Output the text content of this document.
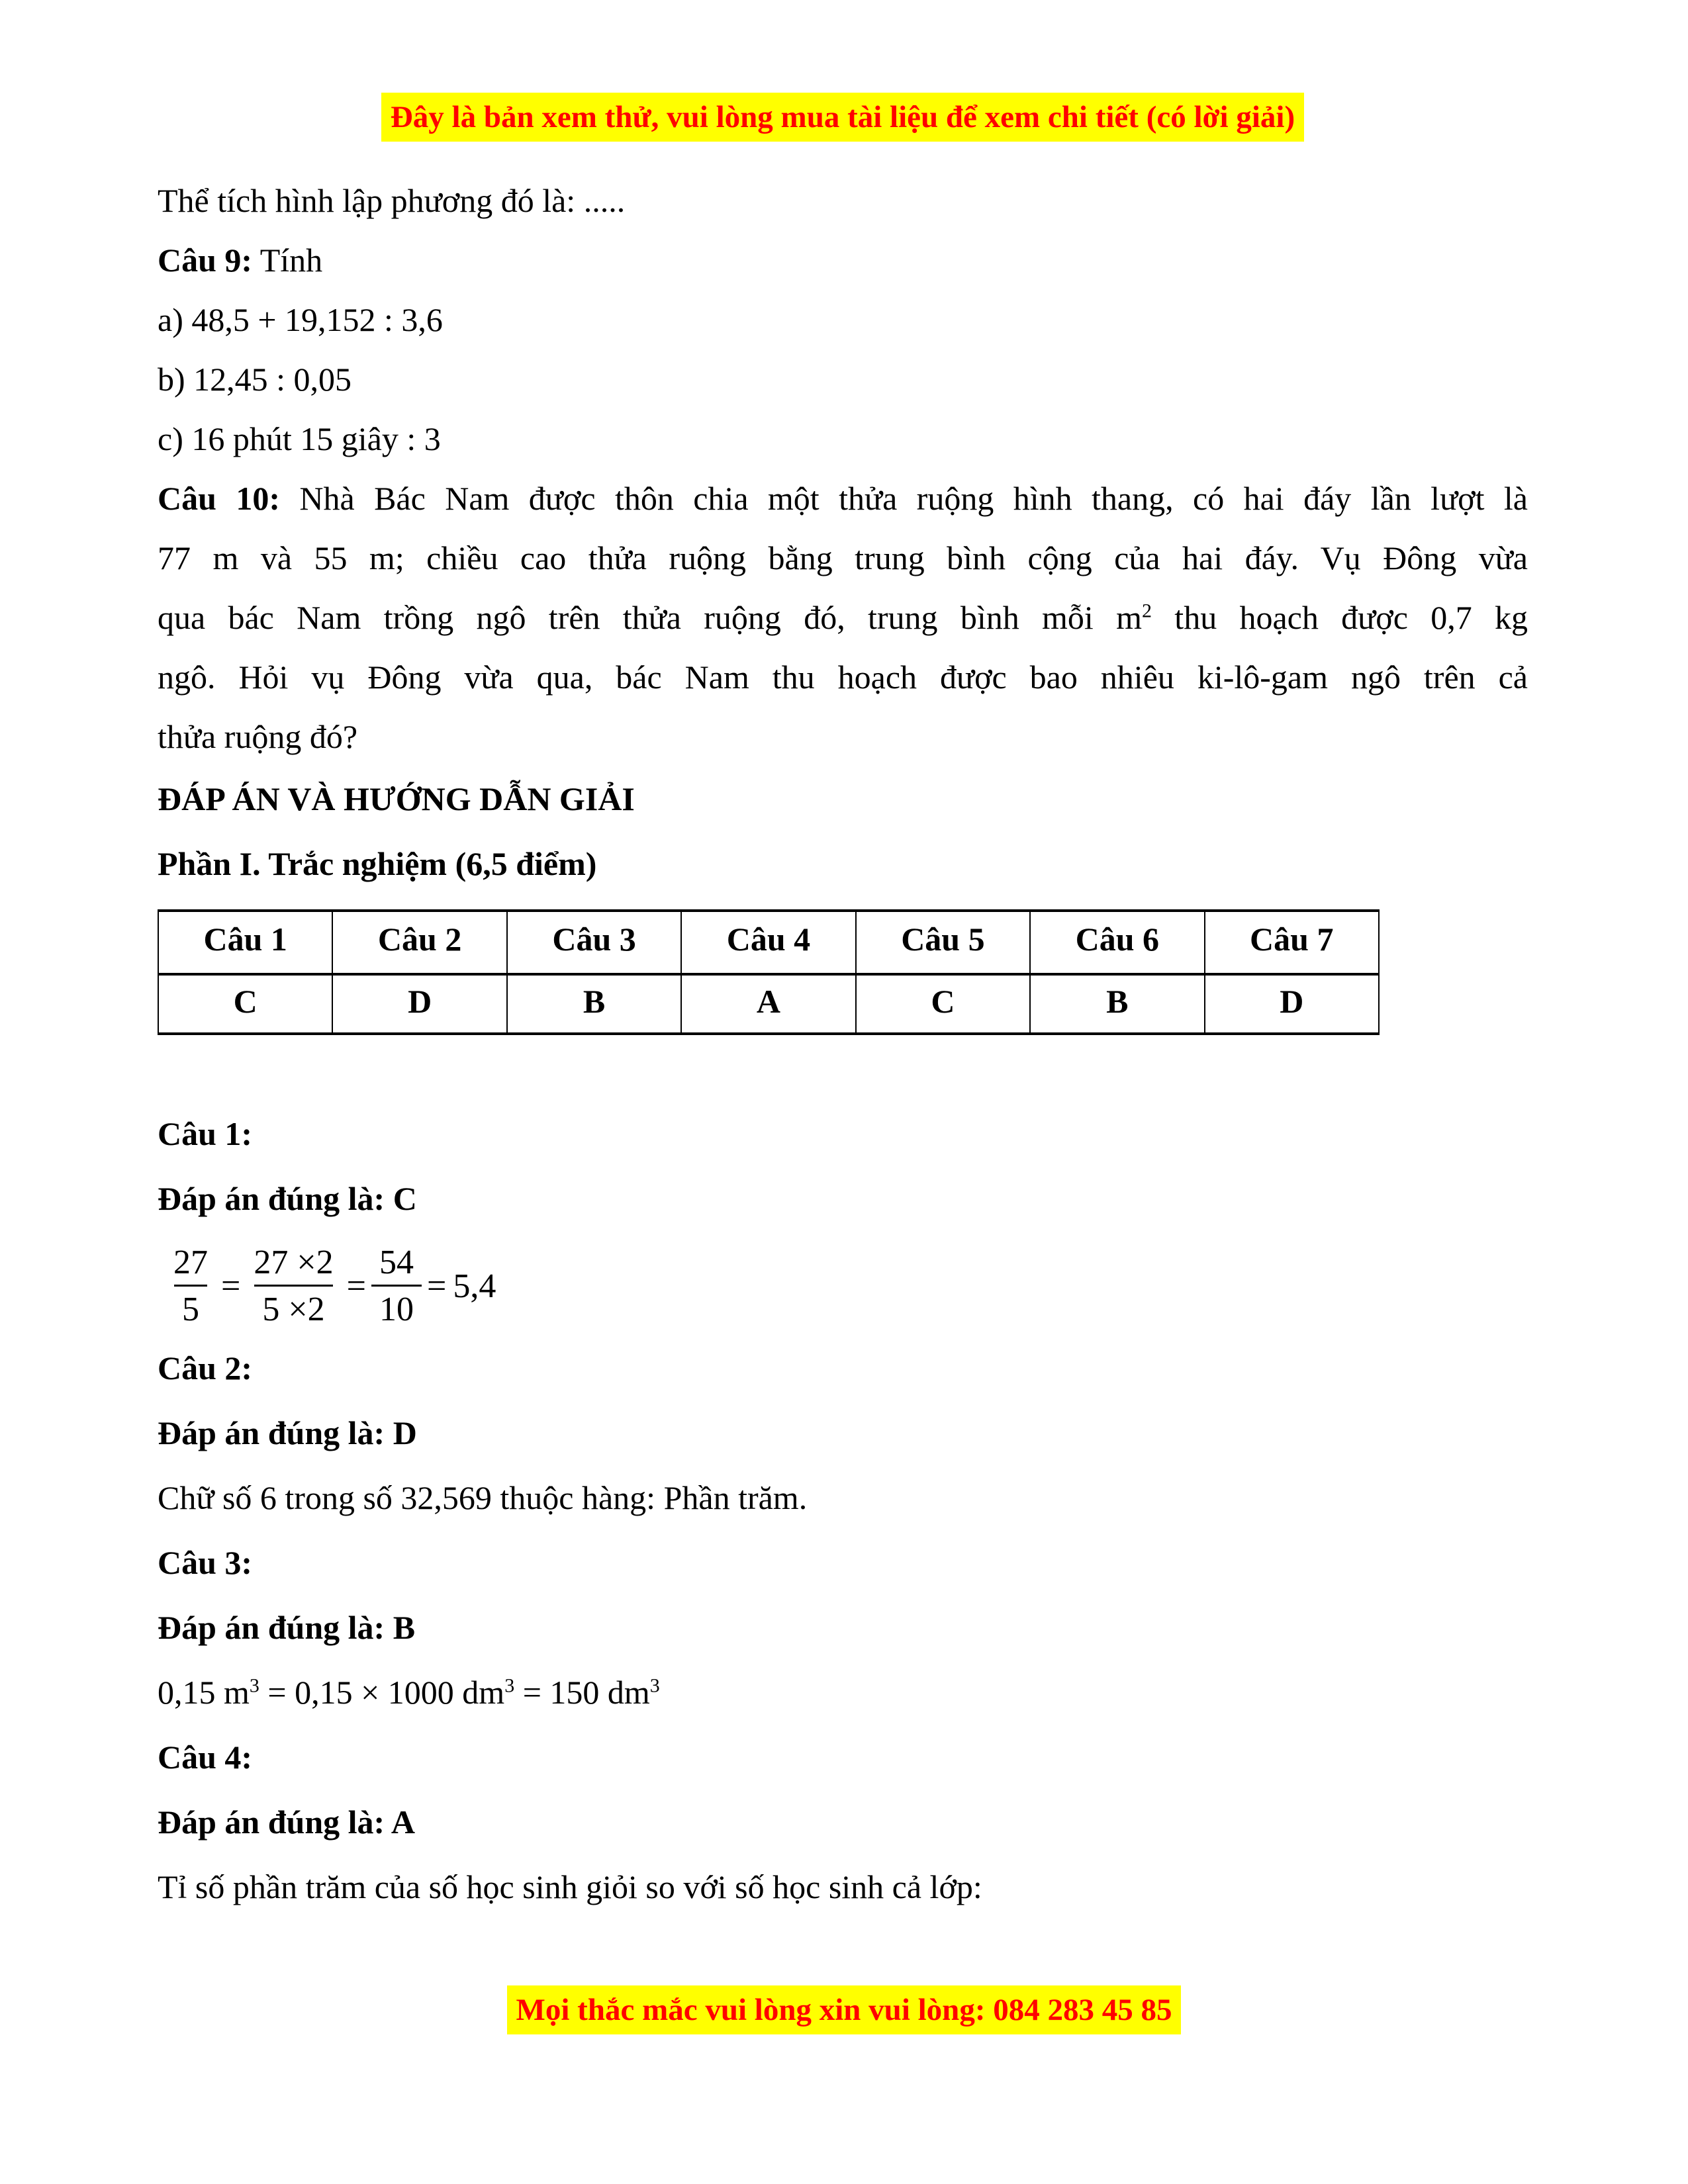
Đây là bản xem thử, vui lòng mua tài liệu để xem chi tiết (có lời giải)

Thể tích hình lập phương đó là: .....

Câu 9: Tính

a) 48,5 + 19,152 : 3,6

b) 12,45 : 0,05

c) 16 phút 15 giây : 3

Câu 10: Nhà Bác Nam được thôn chia một thửa ruộng hình thang, có hai đáy lần lượt là
77 m và 55 m; chiều cao thửa ruộng bằng trung bình cộng của hai đáy. Vụ Đông vừa
qua bác Nam trồng ngô trên thửa ruộng đó, trung bình mỗi $m^2$ thu hoạch được 0,7 kg
ngô. Hỏi vụ Đông vừa qua, bác Nam thu hoạch được bao nhiêu ki-lô-gam ngô trên cả
thửa ruộng đó?

ĐÁP ÁN VÀ HƯỚNG DẪN GIẢI

Phần I. Trắc nghiệm (6,5 điểm)

Câu 1	Câu 2	Câu 3	Câu 4	Câu 5	Câu 6	Câu 7
C	D	B	A	C	B	D

Câu 1:

Đáp án đúng là: C

$\frac{27}{5} = \frac{27 \times 2}{5 \times 2} = \frac{54}{10} = 5,4$

Câu 2:

Đáp án đúng là: D

Chữ số 6 trong số 32,569 thuộc hàng: Phần trăm.

Câu 3:

Đáp án đúng là: B

0,15 $m^3 = 0,15 \times 1000$ $dm^3 = 150$ $dm^3$

Câu 4:

Đáp án đúng là: A

Tỉ số phần trăm của số học sinh giỏi so với số học sinh cả lớp:

Mọi thắc mắc vui lòng xin vui lòng: 084 283 45 85
